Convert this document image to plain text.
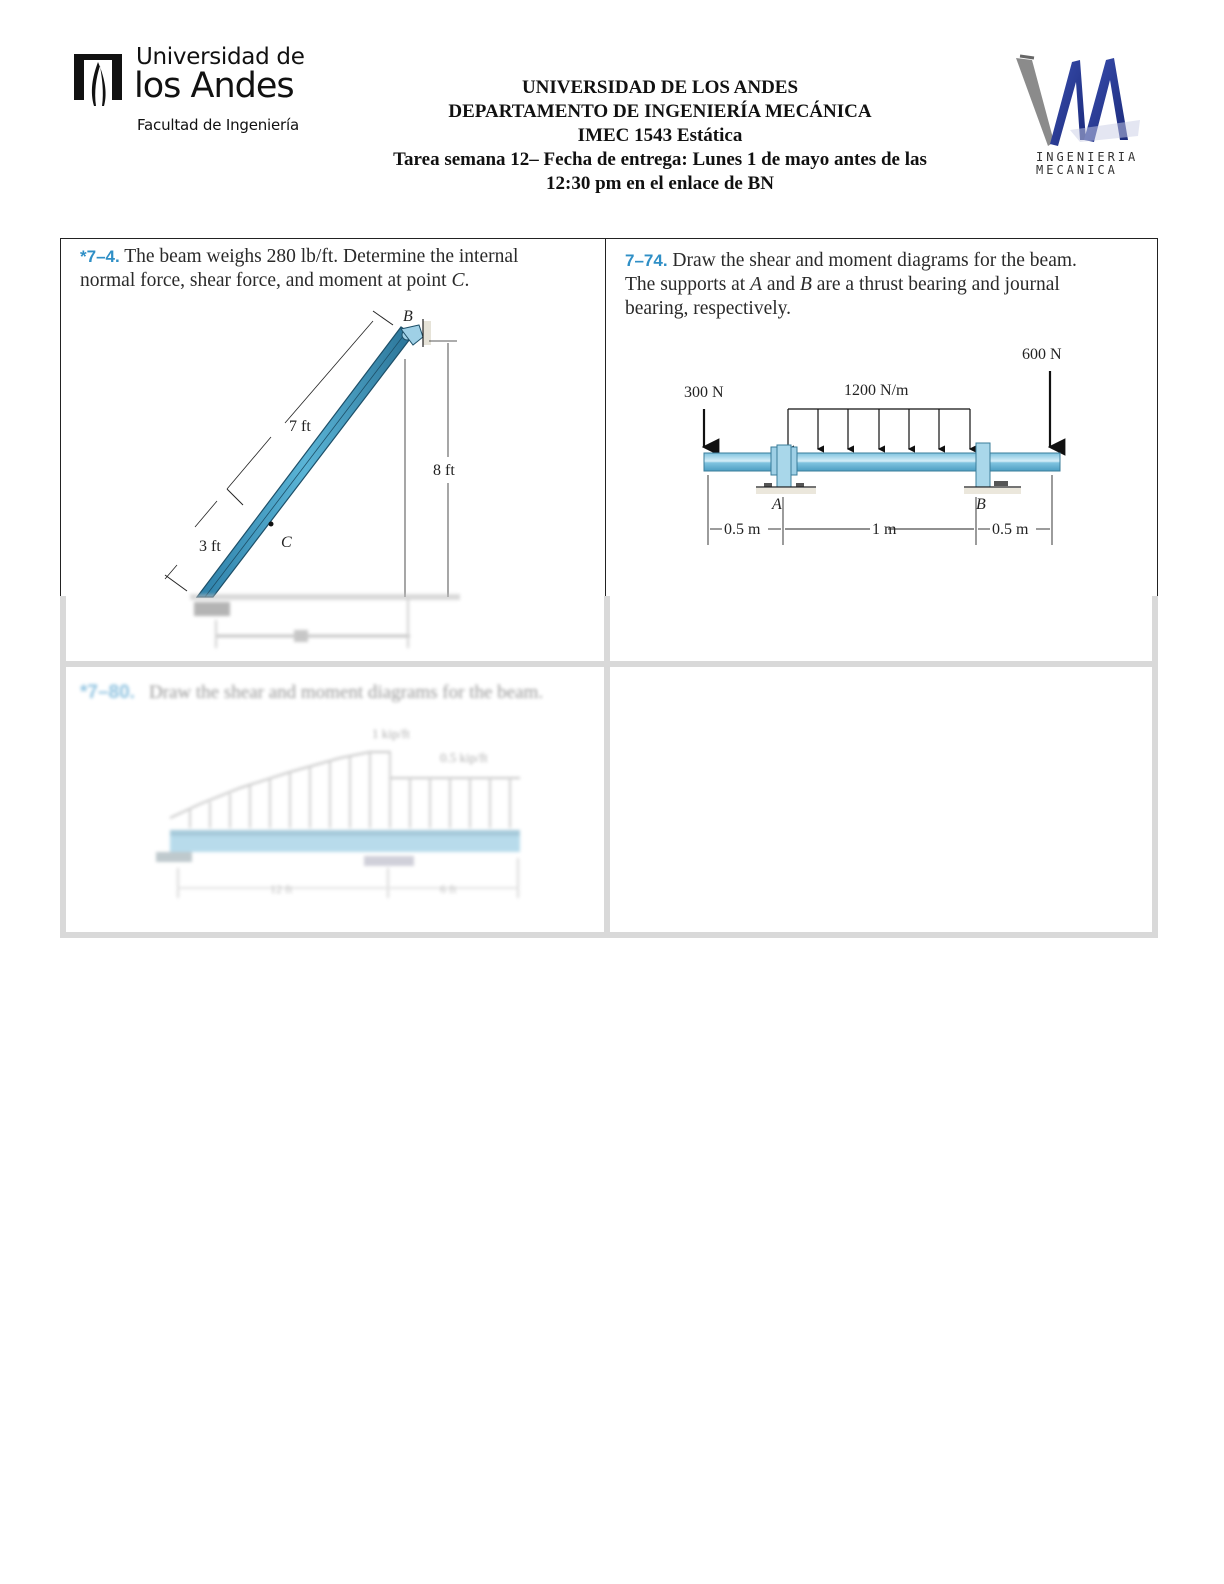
Universidad de
los Andes
Facultad de Ingeniería
UNIVERSIDAD DE LOS ANDES
DEPARTAMENTO DE INGENIERÍA MECÁNICA
IMEC 1543 Estática
Tarea semana 12– Fecha de entrega: Lunes 1 de mayo antes de las
12:30 pm en el enlace de BN
INGENIERIA
MECANICA
*7–4. The beam weighs 280 lb/ft. Determine the internal
normal force, shear force, and moment at point C.
C
B
7 ft
3 ft
8 ft
7–74. Draw the shear and moment diagrams for the beam.
The supports at A and B are a thrust bearing and journal
bearing, respectively.
300 N	1200 N/m
600 N
A	B
0.5 m	1 m	0.5 m
*7–80. Draw the shear and moment diagrams for the beam.
1 kip/ft
0.5 kip/ft
12 ft	6 ft
